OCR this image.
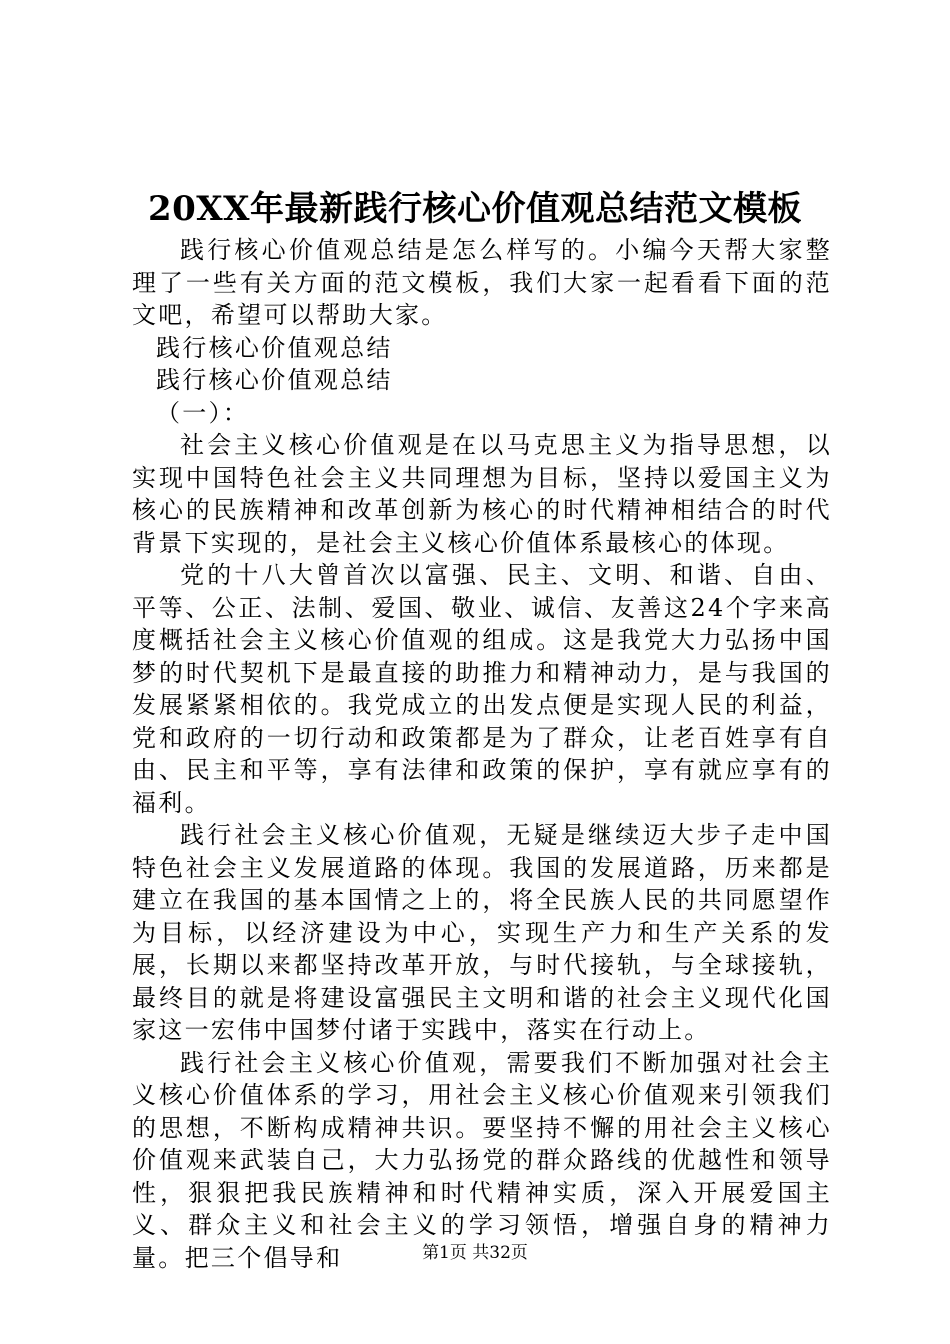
20XX年最新践行核心价值观总结范文模板

践行核心价值观总结是怎么样写的。小编今天帮大家整理了一些有关方面的范文模板，我们大家一起看看下面的范文吧，希望可以帮助大家。

践行核心价值观总结

践行核心价值观总结

（一）：

社会主义核心价值观是在以马克思主义为指导思想，以实现中国特色社会主义共同理想为目标，坚持以爱国主义为核心的民族精神和改革创新为核心的时代精神相结合的时代背景下实现的，是社会主义核心价值体系最核心的体现。

党的十八大曾首次以富强、民主、文明、和谐、自由、平等、公正、法制、爱国、敬业、诚信、友善这24个字来高度概括社会主义核心价值观的组成。这是我党大力弘扬中国梦的时代契机下是最直接的助推力和精神动力，是与我国的发展紧紧相依的。我党成立的出发点便是实现人民的利益，党和政府的一切行动和政策都是为了群众，让老百姓享有自由、民主和平等，享有法律和政策的保护，享有就应享有的福利。

践行社会主义核心价值观，无疑是继续迈大步子走中国特色社会主义发展道路的体现。我国的发展道路，历来都是建立在我国的基本国情之上的，将全民族人民的共同愿望作为目标，以经济建设为中心，实现生产力和生产关系的发展，长期以来都坚持改革开放，与时代接轨，与全球接轨，最终目的就是将建设富强民主文明和谐的社会主义现代化国家这一宏伟中国梦付诸于实践中，落实在行动上。

践行社会主义核心价值观，需要我们不断加强对社会主义核心价值体系的学习，用社会主义核心价值观来引领我们的思想，不断构成精神共识。要坚持不懈的用社会主义核心价值观来武装自己，大力弘扬党的群众路线的优越性和领导性，狠狠把我民族精神和时代精神实质，深入开展爱国主义、群众主义和社会主义的学习领悟，增强自身的精神力量。把三个倡导和	第1页 共32页
